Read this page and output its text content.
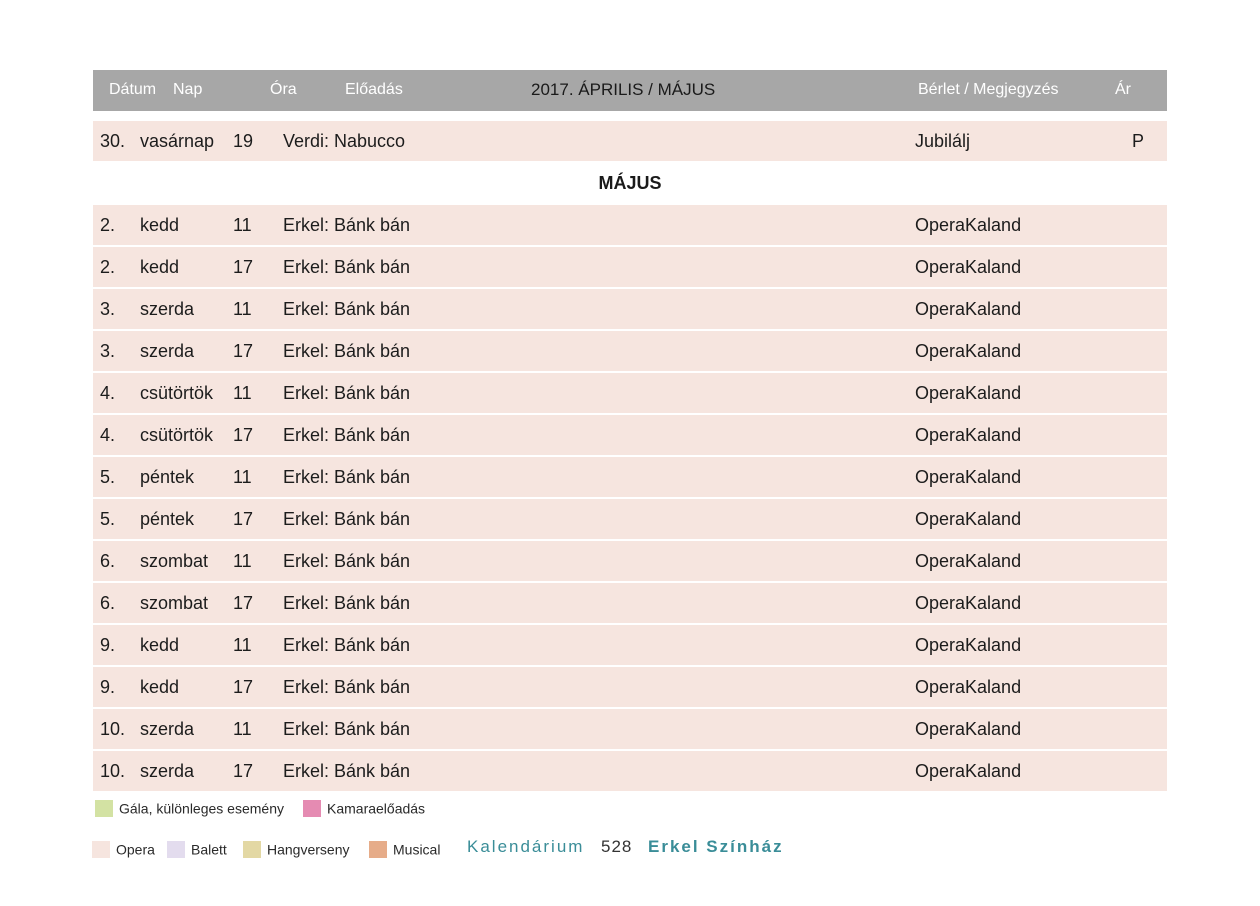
Dátum Nap	Óra	Előadás	2017. ÁPRILIS / MÁJUS	Bérlet / Megjegyzés	Ár
30. vasárnap 19 Verdi: Nabucco	Jubilálj	P
MÁJUS
2. kedd	11 Erkel: Bánk bán	OperaKaland
2. kedd	17 Erkel: Bánk bán	OperaKaland
3. szerda 11 Erkel: Bánk bán	OperaKaland
3. szerda 17 Erkel: Bánk bán	OperaKaland
4. csütörtök 11 Erkel: Bánk bán	OperaKaland
4. csütörtök 17 Erkel: Bánk bán	OperaKaland
5. péntek 11 Erkel: Bánk bán	OperaKaland
5. péntek 17 Erkel: Bánk bán	OperaKaland
6. szombat 11 Erkel: Bánk bán	OperaKaland
6. szombat 17 Erkel: Bánk bán	OperaKaland
9. kedd	11 Erkel: Bánk bán	OperaKaland
9. kedd	17 Erkel: Bánk bán	OperaKaland
10. szerda 11 Erkel: Bánk bán	OperaKaland
10. szerda 17 Erkel: Bánk bán	OperaKaland
Gála, különleges esemény	Kamaraelőadás
Opera	Balett	Hangverseny	Musical Kalendárium 528 Erkel Színház
